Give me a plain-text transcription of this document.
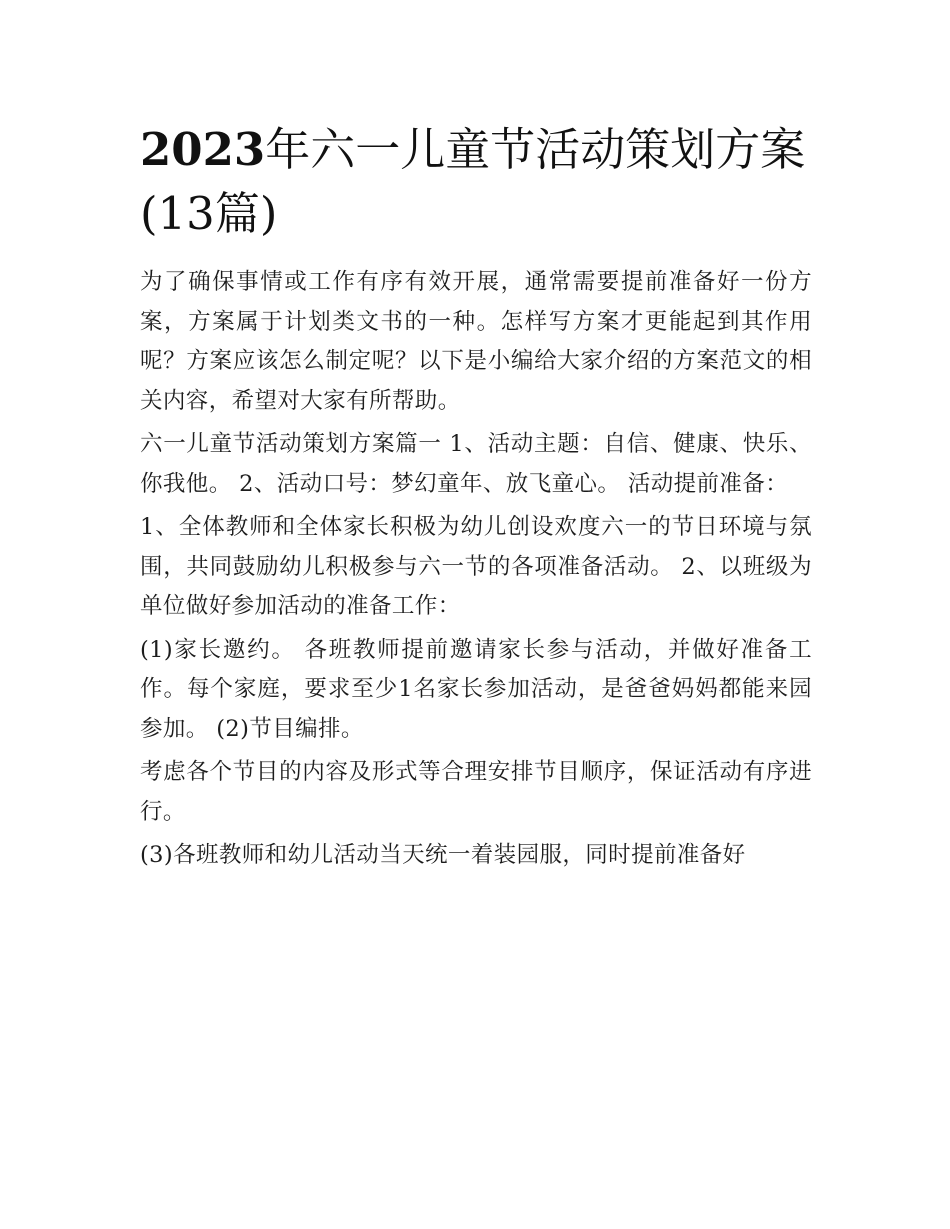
2023年六一儿童节活动策划方案(13篇)

为了确保事情或工作有序有效开展，通常需要提前准备好一份方案，方案属于计划类文书的一种。怎样写方案才更能起到其作用呢？方案应该怎么制定呢？以下是小编给大家介绍的方案范文的相关内容，希望对大家有所帮助。

六一儿童节活动策划方案篇一 1、活动主题：自信、健康、快乐、你我他。 2、活动口号：梦幻童年、放飞童心。 活动提前准备：

1、全体教师和全体家长积极为幼儿创设欢度六一的节日环境与氛围，共同鼓励幼儿积极参与六一节的各项准备活动。 2、以班级为单位做好参加活动的准备工作：

(1)家长邀约。 各班教师提前邀请家长参与活动，并做好准备工作。每个家庭，要求至少1名家长参加活动，是爸爸妈妈都能来园参加。 (2)节目编排。

考虑各个节目的内容及形式等合理安排节目顺序，保证活动有序进行。

(3)各班教师和幼儿活动当天统一着装园服，同时提前准备好
